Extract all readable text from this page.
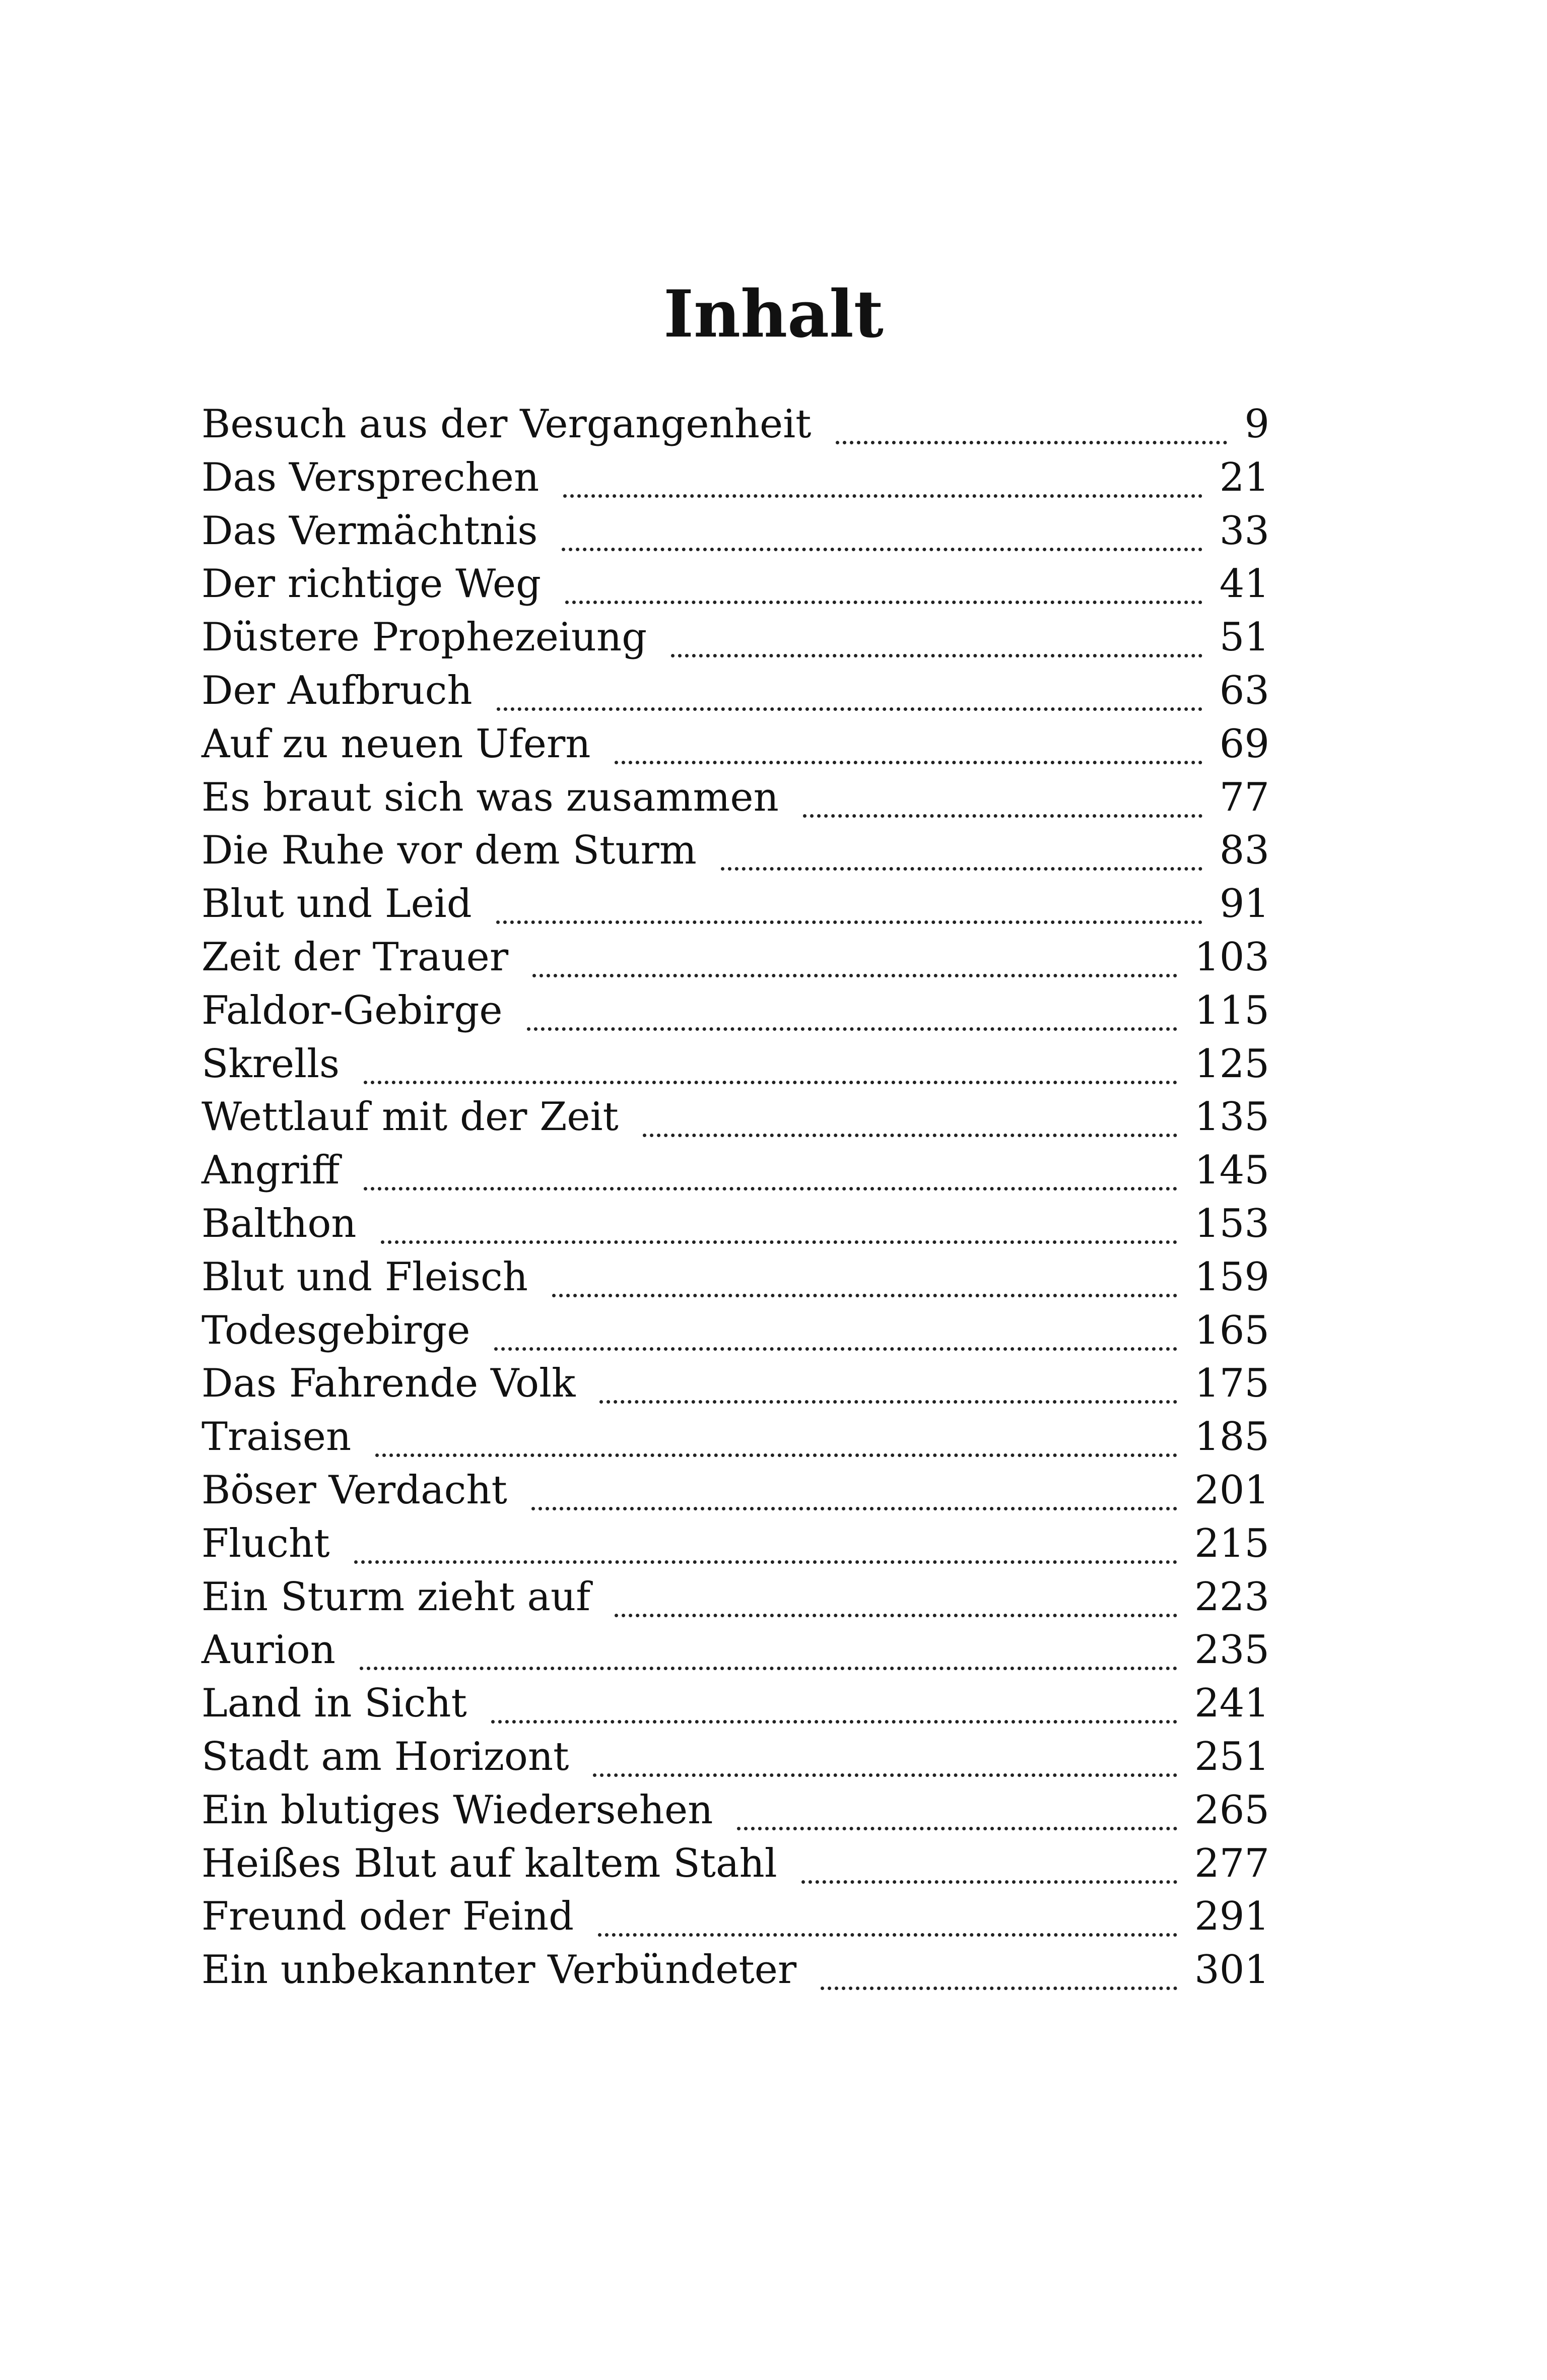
Inhalt
Besuch aus der Vergangenheit	9
Das Versprechen	21
Das Vermächtnis	33
Der richtige Weg	41
Düstere Prophezeiung	51
Der Aufbruch	63
Auf zu neuen Ufern	69
Es braut sich was zusammen	77
Die Ruhe vor dem Sturm	83
Blut und Leid	91
Zeit der Trauer	103
Faldor-Gebirge	115
Skrells	125
Wettlauf mit der Zeit	135
Angriff	145
Balthon	153
Blut und Fleisch	159
Todesgebirge	165
Das Fahrende Volk	175
Traisen	185
Böser Verdacht	201
Flucht	215
Ein Sturm zieht auf	223
Aurion	235
Land in Sicht	241
Stadt am Horizont	251
Ein blutiges Wiedersehen	265
Heißes Blut auf kaltem Stahl	277
Freund oder Feind	291
Ein unbekannter Verbündeter	301
